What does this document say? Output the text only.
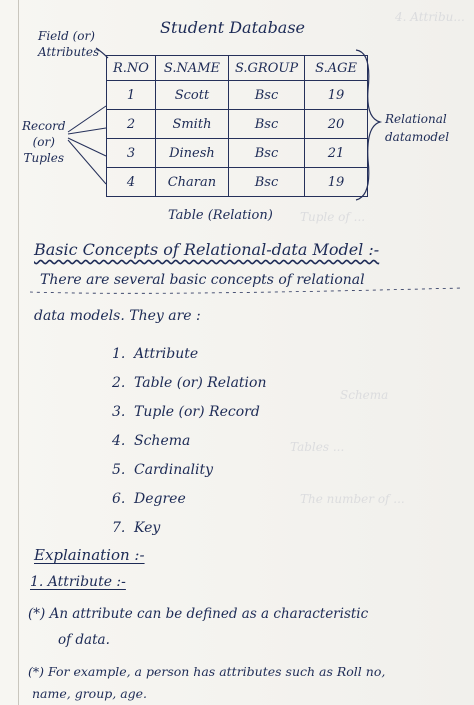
4. Attribu...
Tuple of ...
Schema
Tables ...
The number of ...
Field (or)
Attributes
Student Database
R.NO	S.NAME	S.GROUP	S.AGE
1	Scott	Bsc	19
2	Smith	Bsc	20
3	Dinesh	Bsc	21
4	Charan	Bsc	19
Record
(or)
Tuples
Relational
datamodel
Table (Relation)
Basic Concepts of Relational-data Model :-
There are several basic concepts of relational
data models. They are :
1. Attribute
2. Table (or) Relation
3. Tuple (or) Record
4. Schema
5. Cardinality
6. Degree
7. Key
Explaination :-
1. Attribute :-
(*) An attribute can be defined as a characteristic
of data.
(*) For example, a person has attributes such as Roll no,
name, group, age.
